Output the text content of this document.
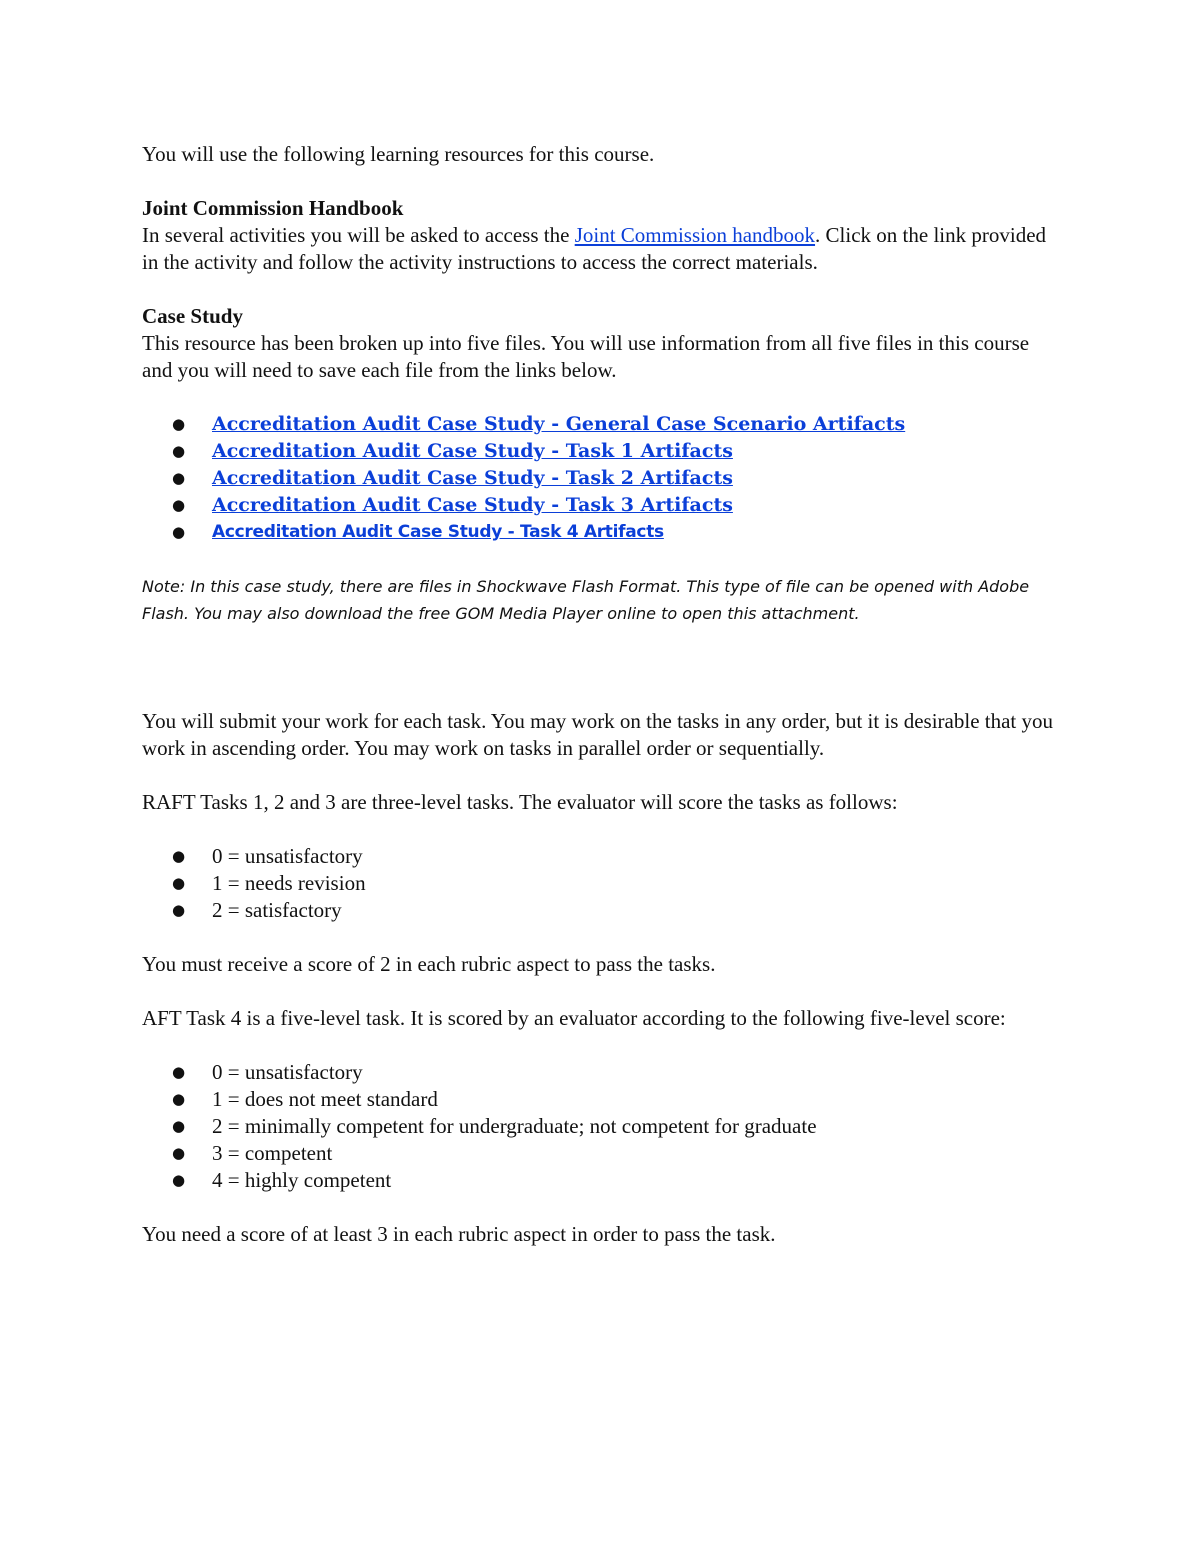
You will use the following learning resources for this course.

Joint Commission Handbook

In several activities you will be asked to access the Joint Commission handbook. Click on the link provided in the activity and follow the activity instructions to access the correct materials.

Case Study

This resource has been broken up into five files. You will use information from all five files in this course and you will need to save each file from the links below.

● Accreditation Audit Case Study - General Case Scenario Artifacts
● Accreditation Audit Case Study - Task 1 Artifacts
● Accreditation Audit Case Study - Task 2 Artifacts
● Accreditation Audit Case Study - Task 3 Artifacts
● Accreditation Audit Case Study - Task 4 Artifacts

Note: In this case study, there are files in Shockwave Flash Format. This type of file can be opened with Adobe Flash. You may also download the free GOM Media Player online to open this attachment.

You will submit your work for each task. You may work on the tasks in any order, but it is desirable that you work in ascending order. You may work on tasks in parallel order or sequentially.

RAFT Tasks 1, 2 and 3 are three-level tasks. The evaluator will score the tasks as follows:

● 0 = unsatisfactory
● 1 = needs revision
● 2 = satisfactory

You must receive a score of 2 in each rubric aspect to pass the tasks.

AFT Task 4 is a five-level task. It is scored by an evaluator according to the following five-level score:

● 0 = unsatisfactory
● 1 = does not meet standard
● 2 = minimally competent for undergraduate; not competent for graduate
● 3 = competent
● 4 = highly competent

You need a score of at least 3 in each rubric aspect in order to pass the task.
